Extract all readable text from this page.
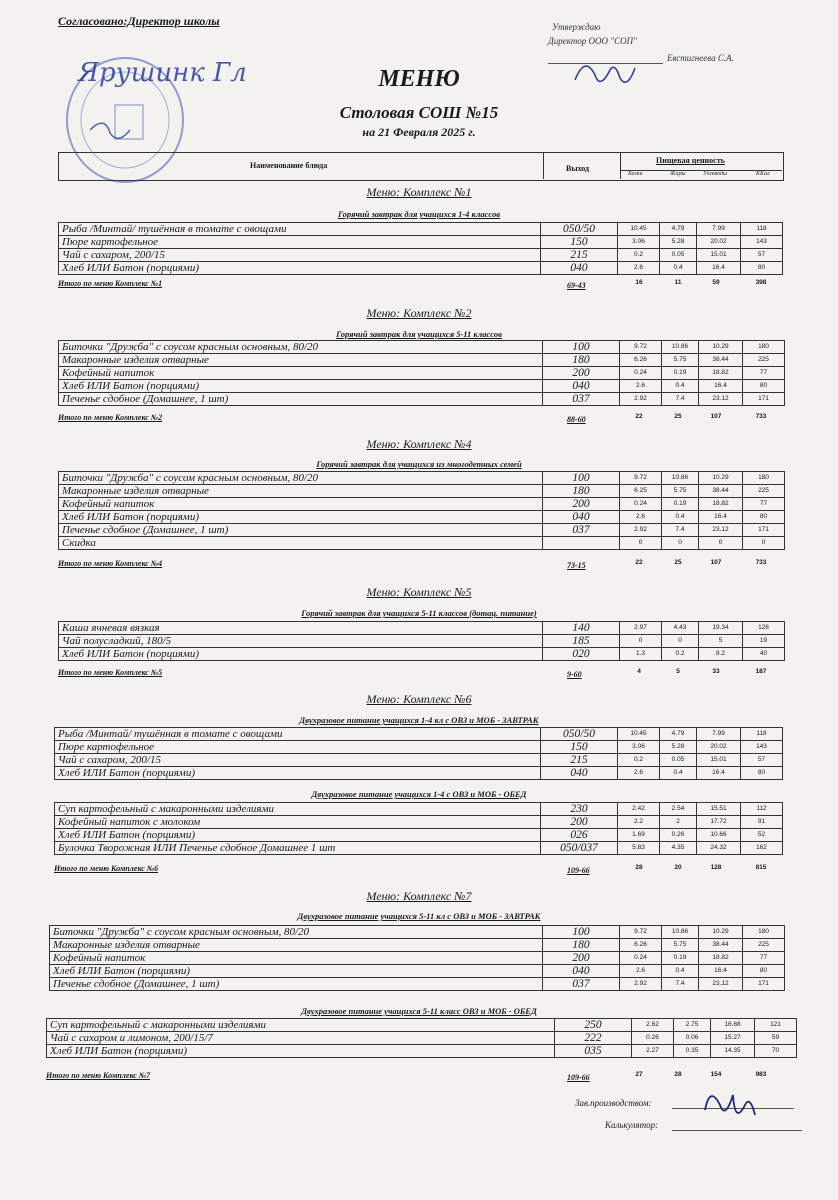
Согласовано:Директор школы	Утверждаю
Директор ООО "СОП"
Евстигнеева С.А.
Ярушинк Гл	МЕНЮ
Столовая СОШ №15
на 21 Февраля 2025 г.
Наименование блюда	Выход
Пищевая ценность
Белки	Жиры	Углеводы	ККал
Меню: Комплекс №1
Горячий завтрак для учащихся 1-4 классов
Рыба /Минтай/ тушённая в томате с овощами	050/50	10.45	4.79	7.99	118
Пюре картофельное	150	3.06	5.28	20.02	143
Чай с сахаром, 200/15	215	0.2	0.05	15.01	57
Хлеб ИЛИ Батон (порциями)	040	2.6	0.4	16.4	80
Итого по меню Комплекс №1	69-43	16	11	59	398
Меню: Комплекс №2
Горячий завтрак для учащихся 5-11 классов
Биточки "Дружба" с соусом красным основным, 80/20	100	9.72	10.86	10.29	180
Макаронные изделия отварные	180	6.26	5.75	38.44	225
Кофейный напиток	200	0.24	0.19	18.82	77
Хлеб ИЛИ Батон (порциями)	040	2.6	0.4	16.4	80
Печенье сдобное (Домашнее, 1 шт)	037	2.92	7.4	23.12	171
Итого по меню Комплекс №2	88-60	22	25	107	733
Меню: Комплекс №4
Горячий завтрак для учащихся из многодетных семей
Биточки "Дружба" с соусом красным основным, 80/20	100	9.72	10.86	10.29	180
Макаронные изделия отварные	180	6.25	5.75	38.44	225
Кофейный напиток	200	0.24	0.19	18.82	77
Хлеб ИЛИ Батон (порциями)	040	2.6	0.4	16.4	80
Печенье сдобное (Домашнее, 1 шт)	037	2.92	7.4	23.12	171
Скидка		0	0	0	0
Итого по меню Комплекс №4	73-15	22	25	107	733
Меню: Комплекс №5
Горячий завтрак для учащихся 5-11 классов (дотац. питание)
Каша ячневая вязкая	140	2.97	4.43	19.34	128
Чай полусладкий, 180/5	185	0	0	5	19
Хлеб ИЛИ Батон (порциями)	020	1.3	0.2	8.2	40
Итого по меню Комплекс №5	9-60	4	5	33	187
Меню: Комплекс №6
Двухразовое питание учащихся 1-4 кл с ОВЗ и МОБ - ЗАВТРАК
Рыба /Минтай/ тушённая в томате с овощами	050/50	10.45	4.79	7.99	118
Пюре картофельное	150	3.06	5.28	20.02	143
Чай с сахаром, 200/15	215	0.2	0.05	15.01	57
Хлеб ИЛИ Батон (порциями)	040	2.6	0.4	16.4	80
Двухразовое питание учащихся 1-4 с ОВЗ и МОБ - ОБЕД
Суп картофельный с макаронными изделиями	230	2.42	2.54	15.51	112
Кофейный напиток с молоком	200	2.2	2	17.72	91
Хлеб ИЛИ Батон (порциями)	026	1.69	0.26	10.66	52
Булочка Творожная ИЛИ Печенье сдобное Домашнее 1 шт	050/037	5.83	4.35	24.32	162
Итого по меню Комплекс №6	109-66	28	20	128	815
Меню: Комплекс №7
Двухразовое питание учащихся 5-11 кл с ОВЗ и МОБ - ЗАВТРАК
Биточки "Дружба" с соусом красным основным, 80/20	100	9.72	10.86	10.29	180
Макаронные изделия отварные	180	6.26	5.75	38.44	225
Кофейный напиток	200	0.24	0.19	18.82	77
Хлеб ИЛИ Батон (порциями)	040	2.6	0.4	16.4	80
Печенье сдобное (Домашнее, 1 шт)	037	2.92	7.4	23.12	171
Двухразовое питание учащихся 5-11 класс ОВЗ и МОБ - ОБЕД
Суп картофельный с макаронными изделиями	250	2.62	2.75	16.88	121
Чай с сахаром и лимоном, 200/15/7	222	0.26	0.06	15.27	59
Хлеб ИЛИ Батон (порциями)	035	2.27	0.35	14.35	70
Итого по меню Комплекс №7	109-66	27	28	154	983
Зав.производством:
Калькулятор:
